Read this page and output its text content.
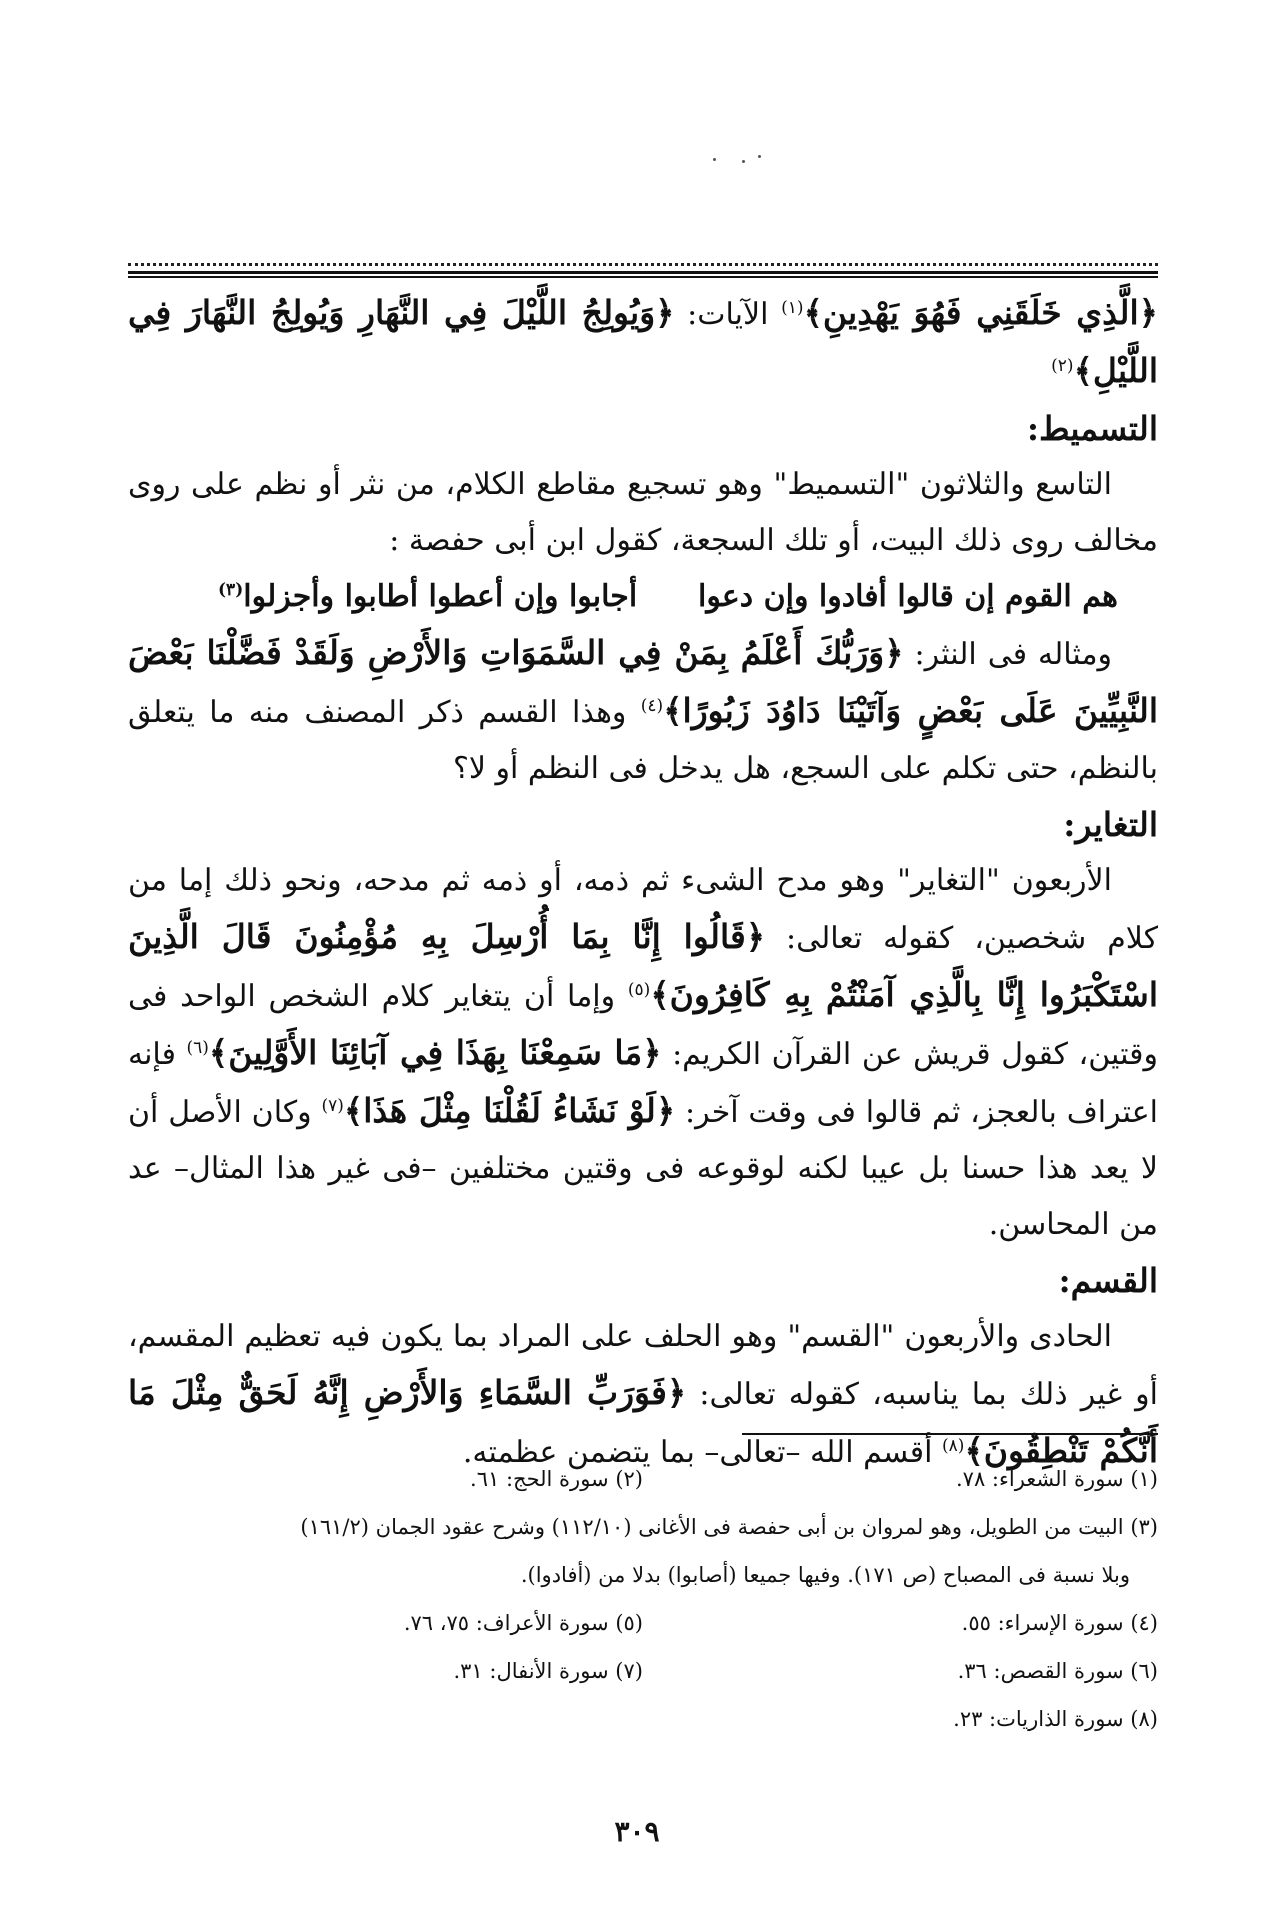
﴿الَّذِي خَلَقَنِي فَهُوَ يَهْدِينِ﴾$^{(١)}$ الآيات: ﴿وَيُولِجُ اللَّيْلَ فِي النَّهَارِ وَيُولِجُ النَّهَارَ فِي اللَّيْلِ﴾$^{(٢)}$

التسميط:

التاسع والثلاثون "التسميط" وهو تسجيع مقاطع الكلام، من نثر أو نظم على روى مخالف روى ذلك البيت، أو تلك السجعة، كقول ابن أبى حفصة :

هم القوم إن قالوا أفادوا وإن دعوا
أجابوا وإن أعطوا أطابوا وأجزلوا$^{(٣)}$

ومثاله فى النثر: ﴿وَرَبُّكَ أَعْلَمُ بِمَنْ فِي السَّمَوَاتِ وَالأَرْضِ وَلَقَدْ فَضَّلْنَا بَعْضَ النَّبِيِّينَ عَلَى بَعْضٍ وَآتَيْنَا دَاوُدَ زَبُورًا﴾$^{(٤)}$ وهذا القسم ذكر المصنف منه ما يتعلق بالنظم، حتى تكلم على السجع، هل يدخل فى النظم أو لا؟

التغاير:

الأربعون "التغاير" وهو مدح الشىء ثم ذمه، أو ذمه ثم مدحه، ونحو ذلك إما من كلام شخصين، كقوله تعالى: ﴿قَالُوا إِنَّا بِمَا أُرْسِلَ بِهِ مُؤْمِنُونَ قَالَ الَّذِينَ اسْتَكْبَرُوا إِنَّا بِالَّذِي آمَنْتُمْ بِهِ كَافِرُونَ﴾$^{(٥)}$ وإما أن يتغاير كلام الشخص الواحد فى وقتين، كقول قريش عن القرآن الكريم: ﴿مَا سَمِعْنَا بِهَذَا فِي آبَائِنَا الأَوَّلِينَ﴾$^{(٦)}$ فإنه اعتراف بالعجز، ثم قالوا فى وقت آخر: ﴿لَوْ نَشَاءُ لَقُلْنَا مِثْلَ هَذَا﴾$^{(٧)}$ وكان الأصل أن لا يعد هذا حسنا بل عيبا لكنه لوقوعه فى وقتين مختلفين –فى غير هذا المثال– عد من المحاسن.

القسم:

الحادى والأربعون "القسم" وهو الحلف على المراد بما يكون فيه تعظيم المقسم، أو غير ذلك بما يناسبه، كقوله تعالى: ﴿فَوَرَبِّ السَّمَاءِ وَالأَرْضِ إِنَّهُ لَحَقٌّ مِثْلَ مَا أَنَّكُمْ تَنْطِقُونَ﴾$^{(٨)}$ أقسم الله –تعالى– بما يتضمن عظمته.

(١) سورة الشعراء: ٧٨.
(٢) سورة الحج: ٦١.
(٣) البيت من الطويل، وهو لمروان بن أبى حفصة فى الأغانى (١١٢/١٠) وشرح عقود الجمان (١٦١/٢)
وبلا نسبة فى المصباح (ص ١٧١). وفيها جميعا (أصابوا) بدلا من (أفادوا).
(٤) سورة الإسراء: ٥٥.
(٥) سورة الأعراف: ٧٥، ٧٦.
(٦) سورة القصص: ٣٦.
(٧) سورة الأنفال: ٣١.
(٨) سورة الذاريات: ٢٣.
٣٠٩
